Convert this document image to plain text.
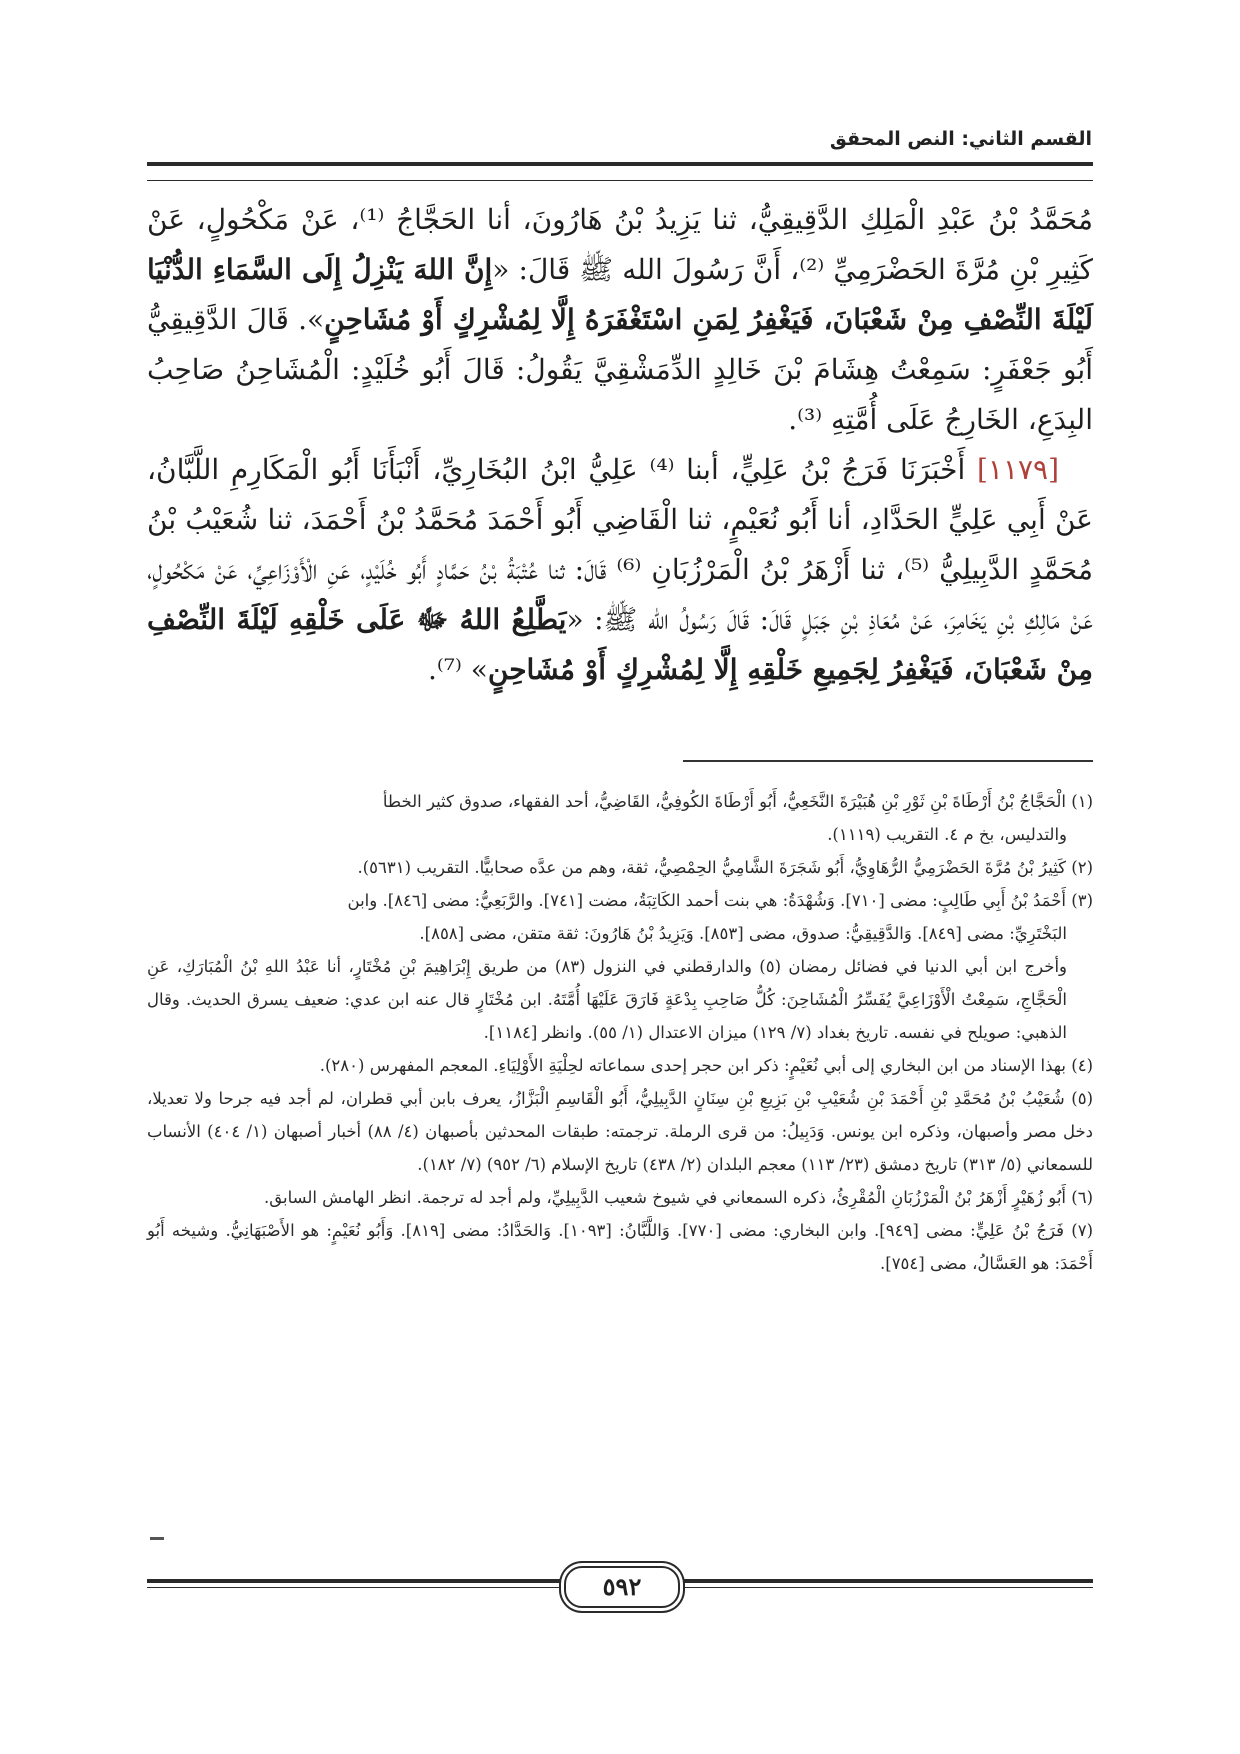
القسم الثاني: النص المحقق

مُحَمَّدُ بْنُ عَبْدِ الْمَلِكِ الدَّقِيقِيُّ، ثنا يَزِيدُ بْنُ هَارُونَ، أنا الحَجَّاجُ ⁽¹⁾، عَنْ مَكْحُولٍ، عَنْ كَثِيرِ بْنِ مُرَّةَ الحَضْرَمِيِّ ⁽²⁾، أَنَّ رَسُولَ الله ﷺ قَالَ: «إِنَّ اللهَ يَنْزِلُ إِلَى السَّمَاءِ الدُّنْيَا لَيْلَةَ النِّصْفِ مِنْ شَعْبَانَ، فَيَغْفِرُ لِمَنِ اسْتَغْفَرَهُ إِلَّا لِمُشْرِكٍ أَوْ مُشَاحِنٍ». قَالَ الدَّقِيقِيُّ أَبُو جَعْفَرٍ: سَمِعْتُ هِشَامَ بْنَ خَالِدٍ الدِّمَشْقِيَّ يَقُولُ: قَالَ أَبُو خُلَيْدٍ: الْمُشَاحِنُ صَاحِبُ البِدَعِ، الخَارِجُ عَلَى أُمَّتِهِ ⁽³⁾.

[١١٧٩] أَخْبَرَنَا فَرَجُ بْنُ عَلِيٍّ، أبنا ⁽⁴⁾ عَلِيُّ ابْنُ البُخَارِيِّ، أَنْبَأَنَا أَبُو الْمَكَارِمِ اللَّبَّانُ، عَنْ أَبِي عَلِيٍّ الحَدَّادِ، أنا أَبُو نُعَيْمٍ، ثنا الْقَاضِي أَبُو أَحْمَدَ مُحَمَّدُ بْنُ أَحْمَدَ، ثنا شُعَيْبُ بْنُ مُحَمَّدٍ الدَّبِيلِيُّ ⁽⁵⁾، ثنا أَزْهَرُ بْنُ الْمَرْزُبَانِ ⁽⁶⁾ قَالَ: ثنا عُتْبَةُ بْنُ حَمَّادٍ أَبُو خُلَيْدٍ، عَنِ الْأَوْزَاعِيِّ، عَنْ مَكْحُولٍ، عَنْ مَالِكِ بْنِ يَخَامِرَ، عَنْ مُعَاذِ بْنِ جَبَلٍ قَالَ: قَالَ رَسُولُ الله ﷺ: «يَطَّلِعُ اللهُ ﷻ عَلَى خَلْقِهِ لَيْلَةَ النِّصْفِ مِنْ شَعْبَانَ، فَيَغْفِرُ لِجَمِيعِ خَلْقِهِ إِلَّا لِمُشْرِكٍ أَوْ مُشَاحِنٍ» ⁽⁷⁾.

(١) الْحَجَّاجُ بْنُ أَرْطَاةَ بْنِ ثَوْرِ بْنِ هُبَيْرَةَ النَّخَعِيُّ، أَبُو أَرْطَاةَ الكُوفِيُّ، القَاضِيُّ، أحد الفقهاء، صدوق كثير الخطأ

والتدليس، بخ م ٤. التقريب (١١١٩).

(٢) كَثِيرُ بْنُ مُرَّةَ الحَضْرَمِيُّ الرُّهَاوِيُّ، أَبُو شَجَرَةَ الشَّامِيُّ الحِمْصِيُّ، ثقة، وهم من عدَّه صحابيًّا. التقريب (٥٦٣١).

(٣) أَحْمَدُ بْنُ أَبِي طَالِبٍ: مضى [٧١٠]. وَشُهْدَةُ: هي بنت أحمد الكَاتِبَةُ، مضت [٧٤١]. والرَّبَعِيُّ: مضى [٨٤٦]. وابن

البَخْتَرِيِّ: مضى [٨٤٩]. وَالدَّقِيقِيُّ: صدوق، مضى [٨٥٣]. وَيَزِيدُ بْنُ هَارُونَ: ثقة متقن، مضى [٨٥٨].

وأخرج ابن أبي الدنيا في فضائل رمضان (٥) والدارقطني في النزول (٨٣) من طريق إِبْرَاهِيمَ بْنِ مُخْتَارٍ، أنا عَبْدُ اللهِ بْنُ الْمُبَارَكِ، عَنِ الْحَجَّاجِ، سَمِعْتُ الْأَوْزَاعِيَّ يُفَسِّرُ الْمُشَاحِنَ: كُلُّ صَاحِبِ بِدْعَةٍ فَارَقَ عَلَيْهَا أُمَّتَهُ. ابن مُخْتَارٍ قال عنه ابن عدي: ضعيف يسرق الحديث. وقال الذهبي: صويلح في نفسه. تاريخ بغداد (٧/ ١٢٩) ميزان الاعتدال (١/ ٥٥). وانظر [١١٨٤].

(٤) بهذا الإسناد من ابن البخاري إلى أبي نُعَيْمٍ: ذكر ابن حجر إحدى سماعاته لحِلْيَةِ الأَوْلِيَاءِ. المعجم المفهرس (٢٨٠).

(٥) شُعَيْبُ بْنُ مُحَمَّدِ بْنِ أَحْمَدَ بْنِ شُعَيْبِ بْنِ بَزِيعِ بْنِ سِنَانٍ الدَّبِيلِيُّ، أَبُو الْقَاسِمِ الْبَزَّازُ، يعرف بابن أبي قطران، لم أجد فيه جرحا ولا تعديلا، دخل مصر وأصبهان، وذكره ابن يونس. وَدَبِيلُ: من قرى الرملة. ترجمته: طبقات المحدثين بأصبهان (٤/ ٨٨) أخبار أصبهان (١/ ٤٠٤) الأنساب للسمعاني (٥/ ٣١٣) تاريخ دمشق (٢٣/ ١١٣) معجم البلدان (٢/ ٤٣٨) تاريخ الإسلام (٦/ ٩٥٢) (٧/ ١٨٢).

(٦) أَبُو زُهَيْرٍ أَزْهَرُ بْنُ الْمَرْزُبَانِ الْمُقْرِئُ، ذكره السمعاني في شيوخ شعيب الدَّبِيلِيِّ، ولم أجد له ترجمة. انظر الهامش السابق.

(٧) فَرَجُ بْنُ عَلِيٍّ: مضى [٩٤٩]. وابن البخاري: مضى [٧٧٠]. وَاللَّبَّانُ: [١٠٩٣]. وَالحَدَّادُ: مضى [٨١٩]. وَأَبُو نُعَيْمٍ: هو الأَصْبَهَانِيُّ. وشيخه أَبُو أَحْمَدَ: هو العَسَّالُ، مضى [٧٥٤].

٥٩٢
